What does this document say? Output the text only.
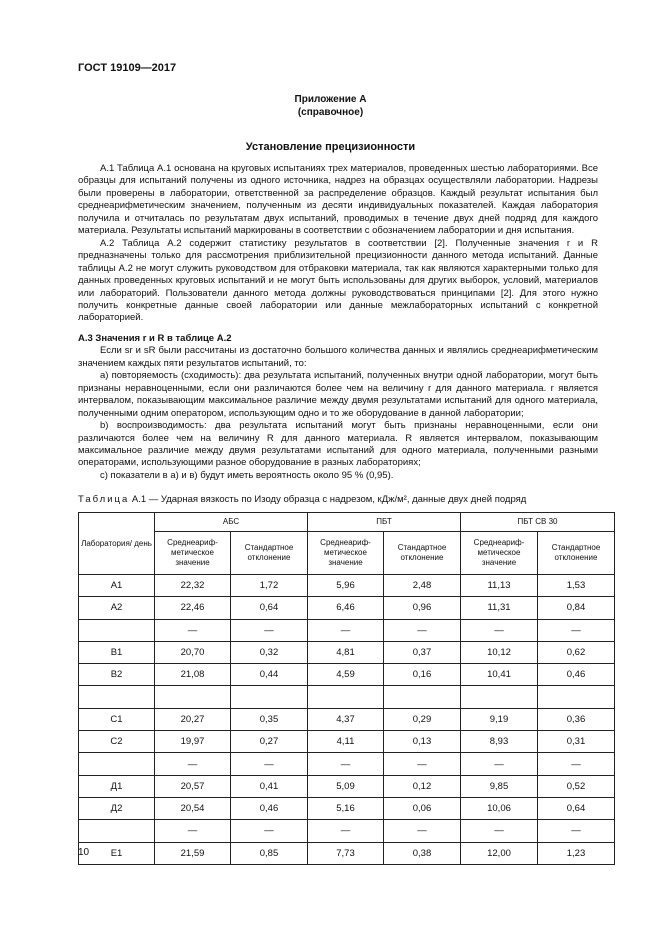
ГОСТ 19109—2017
Приложение А
(справочное)
Установление прецизионности

А.1 Таблица А.1 основана на круговых испытаниях трех материалов, проведенных шестью лабораториями. Все образцы для испытаний получены из одного источника, надрез на образцах осуществляли лаборатории. Надрезы были проверены в лаборатории, ответственной за распределение образцов. Каждый результат испытания был среднеарифметическим значением, полученным из десяти индивидуальных показателей. Каждая лаборатория получила и отчиталась по результатам двух испытаний, проводимых в течение двух дней подряд для каждого материала. Результаты испытаний маркированы в соответствии с обозначением лаборатории и дня испытания.

А.2 Таблица А.2 содержит статистику результатов в соответствии [2]. Полученные значения r и R предназначены только для рассмотрения приблизительной прецизионности данного метода испытаний. Данные таблицы А.2 не могут служить руководством для отбраковки материала, так как являются характерными только для данных проведенных круговых испытаний и не могут быть использованы для других выборок, условий, материалов или лабораторий. Пользователи данного метода должны руководствоваться принципами [2]. Для этого нужно получить конкретные данные своей лаборатории или данные межлабораторных испытаний с конкретной лабораторией.

А.3 Значения r и R в таблице А.2

Если sr и sR были рассчитаны из достаточно большого количества данных и являлись среднеарифметическим значением каждых пяти результатов испытаний, то:

а) повторяемость (сходимость): два результата испытаний, полученных внутри одной лаборатории, могут быть признаны неравноценными, если они различаются более чем на величину r для данного материала. r является интервалом, показывающим максимальное различие между двумя результатами испытаний для одного материала, полученными одним оператором, использующим одно и то же оборудование в данной лаборатории;

b) воспроизводимость: два результата испытаний могут быть признаны неравноценными, если они различаются более чем на величину R для данного материала. R является интервалом, показывающим максимальное различие между двумя результатами испытаний для одного материала, полученными разными операторами, использующими разное оборудование в разных лабораториях;

с) показатели в а) и в) будут иметь вероятность около 95 % (0,95).

Таблица А.1 — Ударная вязкость по Изоду образца с надрезом, кДж/м², данные двух дней подряд
Лаборатория/ день	АБС		ПБТ		ПБТ СВ 30	
	Среднеариф- метическое значение	Стандартное отклонение	Среднеариф- метическое значение	Стандартное отклонение	Среднеариф- метическое значение	Стандартное отклонение
А1	22,32	1,72	5,96	2,48	11,13	1,53
А2	22,46	0,64	6,46	0,96	11,31	0,84
	—	—	—	—	—	—
В1	20,70	0,32	4,81	0,37	10,12	0,62
В2	21,08	0,44	4,59	0,16	10,41	0,46

С1	20,27	0,35	4,37	0,29	9,19	0,36
С2	19,97	0,27	4,11	0,13	8,93	0,31
	—	—	—	—	—	—
Д1	20,57	0,41	5,09	0,12	9,85	0,52
Д2	20,54	0,46	5,16	0,06	10,06	0,64
	—	—	—	—	—	—
Е1	21,59	0,85	7,73	0,38	12,00	1,23
10
